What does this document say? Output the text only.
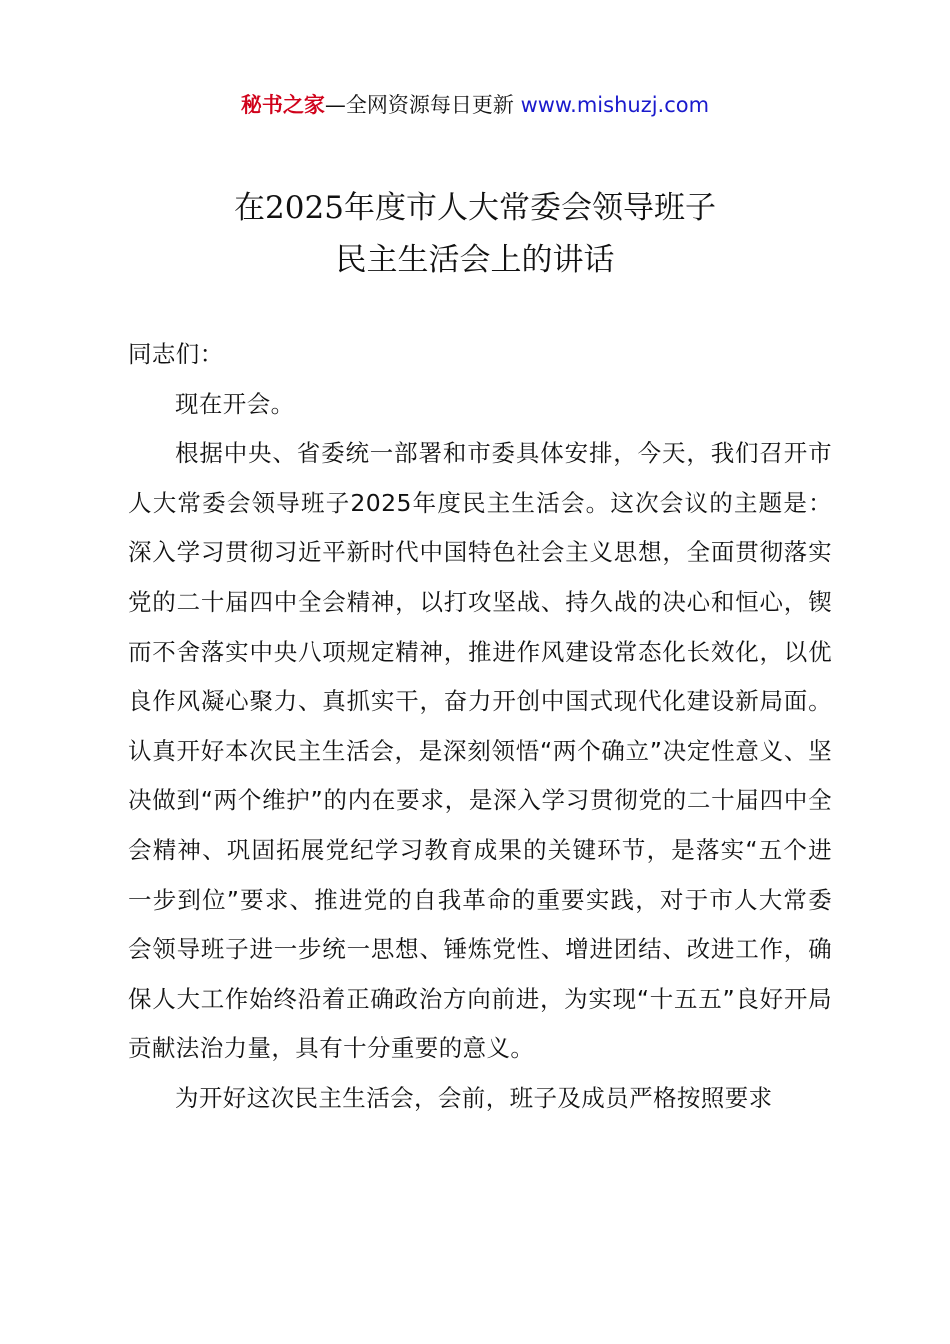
秘书之家—全网资源每日更新 www.mishuzj.com
在2025年度市人大常委会领导班子
民主生活会上的讲话

同志们：

现在开会。

根据中央、省委统一部署和市委具体安排，今天，我们召开市人大常委会领导班子2025年度民主生活会。这次会议的主题是：深入学习贯彻习近平新时代中国特色社会主义思想，全面贯彻落实党的二十届四中全会精神，以打攻坚战、持久战的决心和恒心，锲而不舍落实中央八项规定精神，推进作风建设常态化长效化，以优良作风凝心聚力、真抓实干，奋力开创中国式现代化建设新局面。认真开好本次民主生活会，是深刻领悟“两个确立”决定性意义、坚决做到“两个维护”的内在要求，是深入学习贯彻党的二十届四中全会精神、巩固拓展党纪学习教育成果的关键环节，是落实“五个进一步到位”要求、推进党的自我革命的重要实践，对于市人大常委会领导班子进一步统一思想、锤炼党性、增进团结、改进工作，确保人大工作始终沿着正确政治方向前进，为实现“十五五”良好开局贡献法治力量，具有十分重要的意义。

为开好这次民主生活会，会前，班子及成员严格按照要求
